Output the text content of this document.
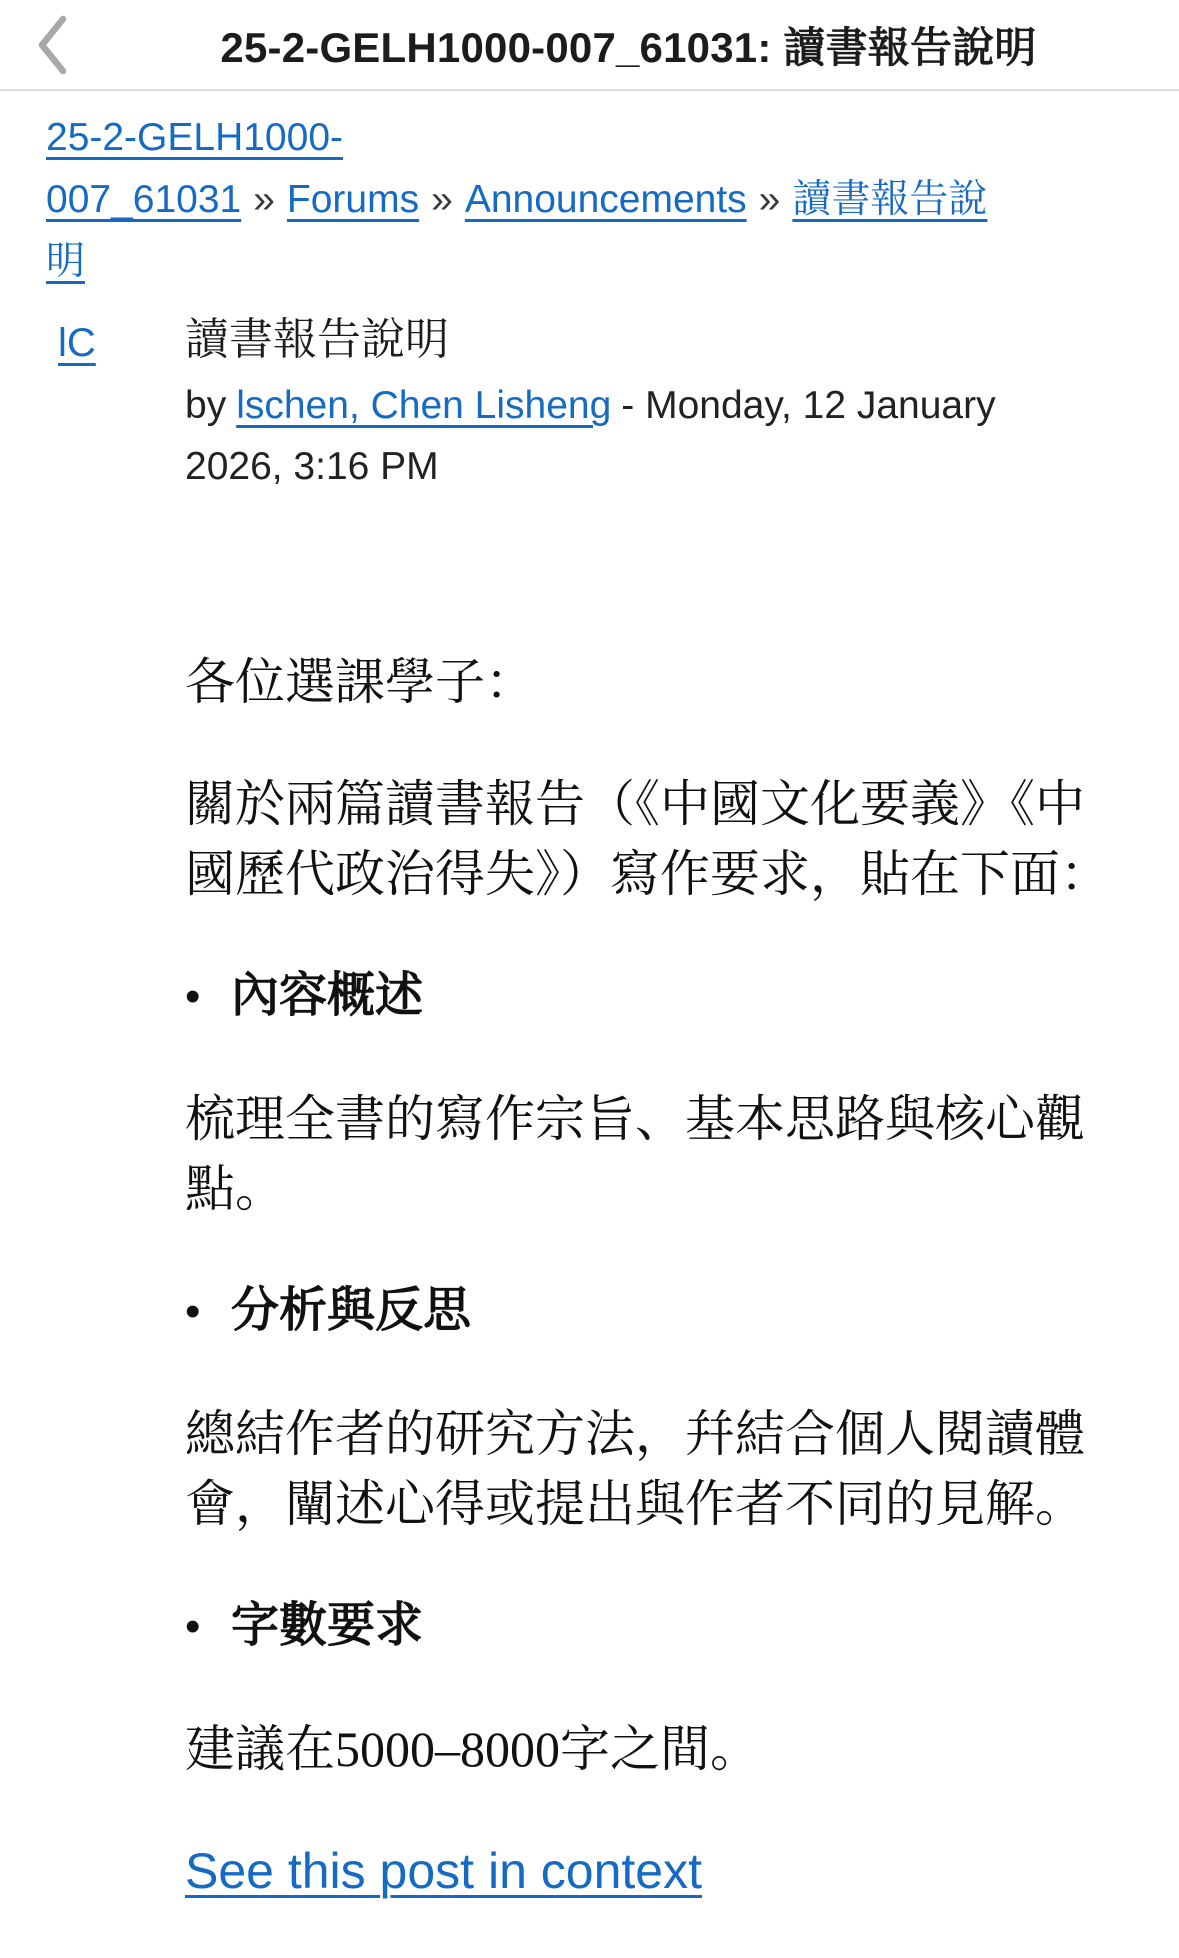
25-2-GELH1000-007_61031: 讀書報告說明
25-2-GELH1000-007_61031 » Forums » Announcements » 讀書報告說明
lC	讀書報告說明
by lschen, Chen Lisheng - Monday, 12 January 2026, 3:16 PM

各位選課學子：

關於兩篇讀書報告（《中國文化要義》《中國歷代政治得失》）寫作要求，貼在下面：

• 內容概述

梳理全書的寫作宗旨、基本思路與核心觀點。

• 分析與反思

總結作者的研究方法，幷結合個人閱讀體會，闡述心得或提出與作者不同的見解。

• 字數要求

建議在5000–8000字之間。

See this post in context
